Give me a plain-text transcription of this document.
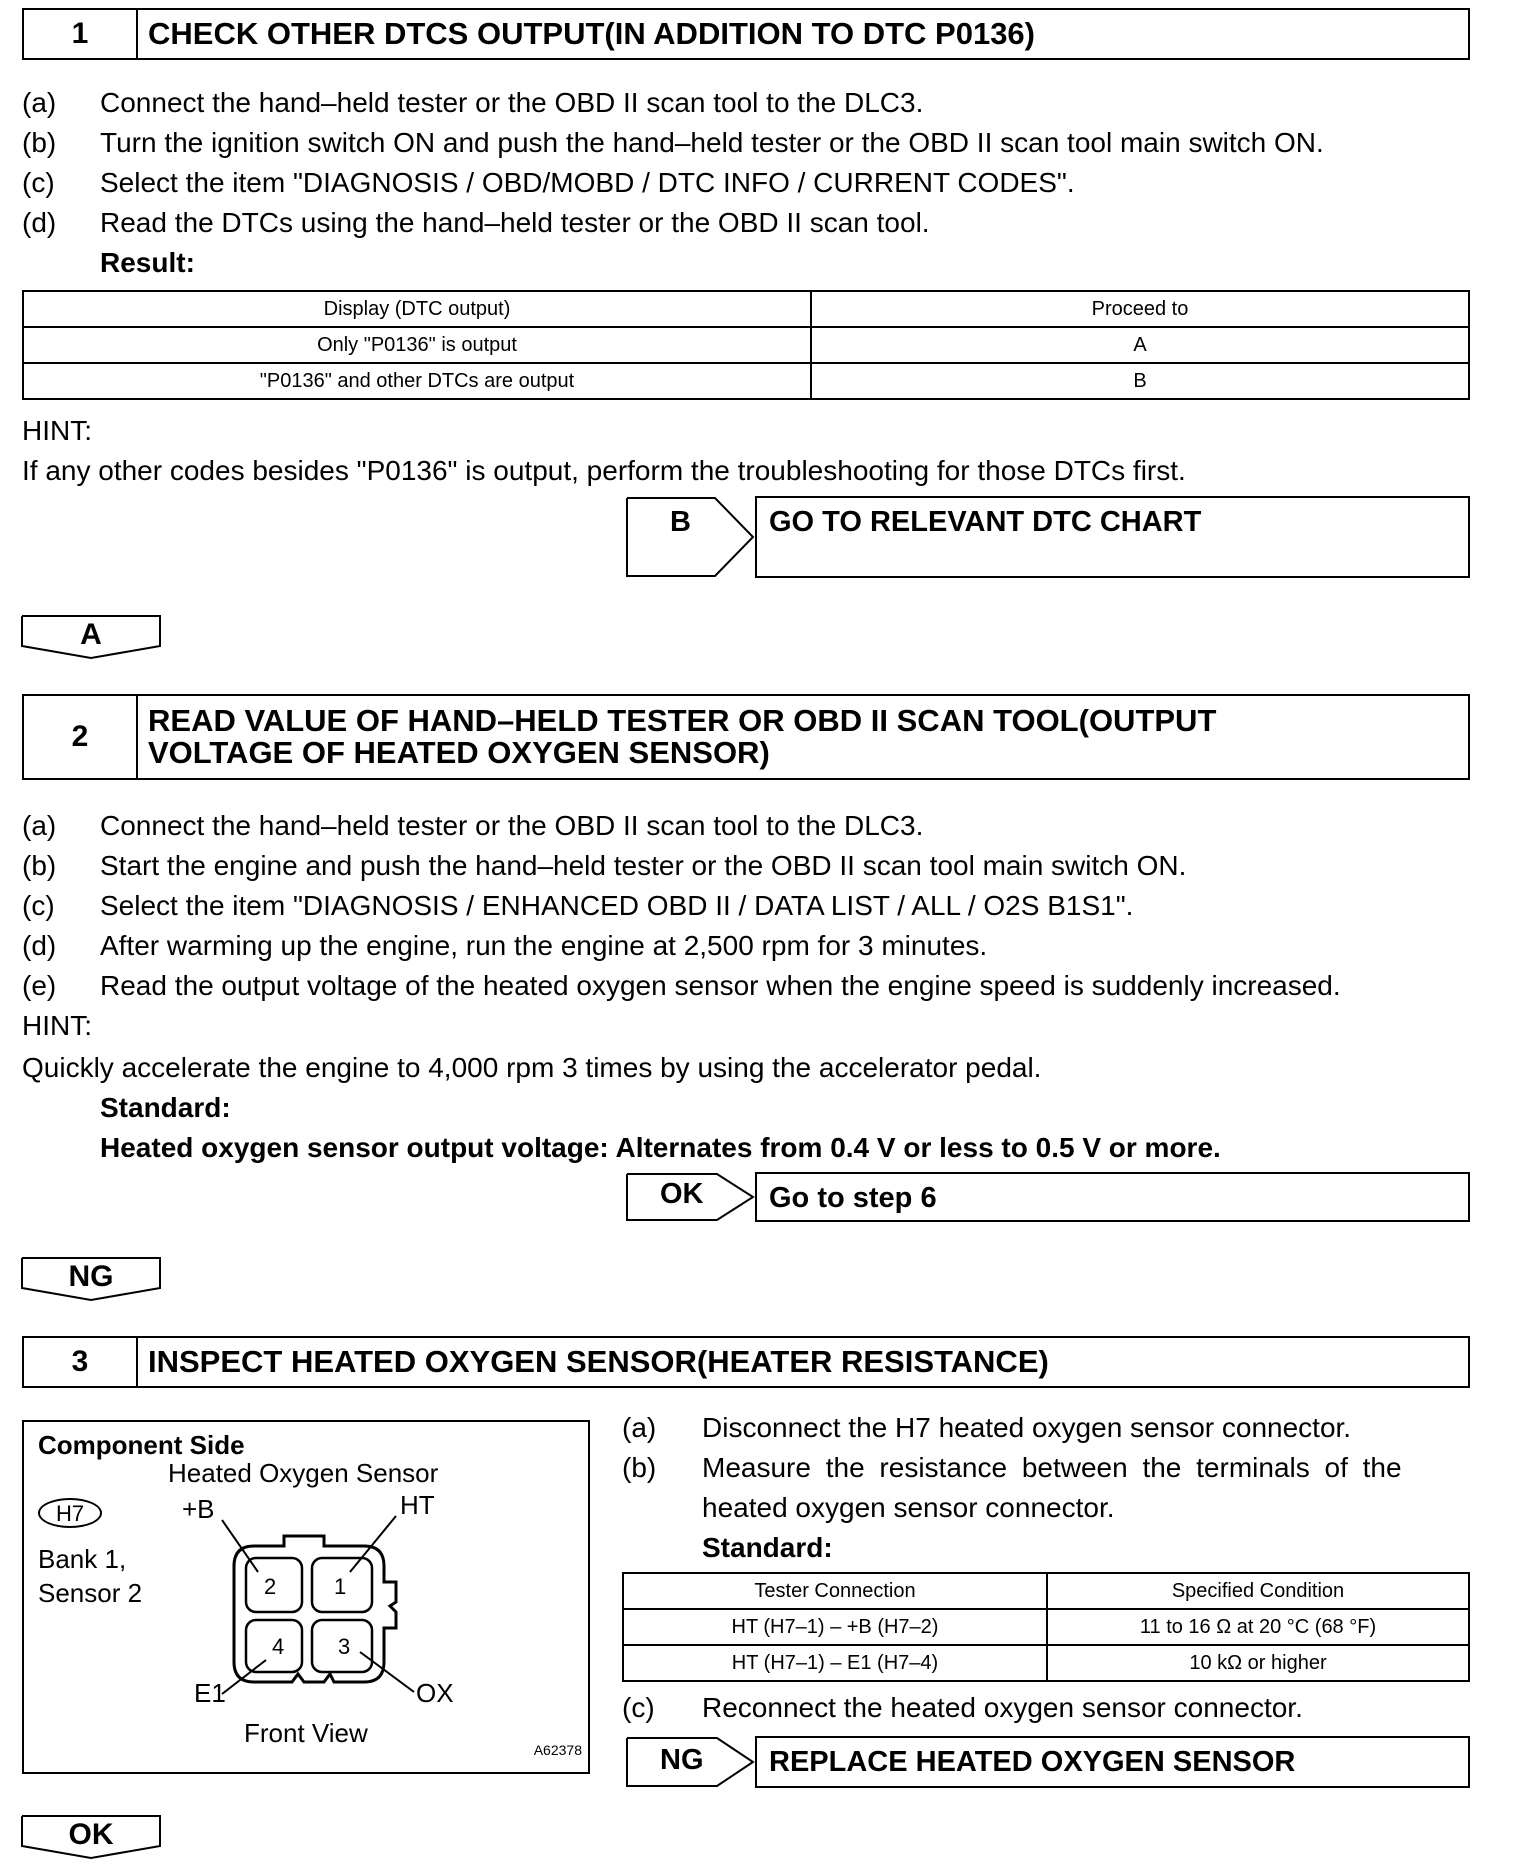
1	CHECK OTHER DTCS OUTPUT(IN ADDITION TO DTC P0136)
(a) Connect the hand–held tester or the OBD II scan tool to the DLC3.
(b) Turn the ignition switch ON and push the hand–held tester or the OBD II scan tool main switch ON.
(c) Select the item "DIAGNOSIS / OBD/MOBD / DTC INFO / CURRENT CODES".
(d) Read the DTCs using the hand–held tester or the OBD II scan tool.
Result:
Display (DTC output)	Proceed to
Only "P0136" is output	A
"P0136" and other DTCs are output	B
HINT:
If any other codes besides "P0136" is output, perform the troubleshooting for those DTCs first.
B	GO TO RELEVANT DTC CHART
A
2	READ VALUE OF HAND–HELD TESTER OR OBD II SCAN TOOL(OUTPUT
VOLTAGE OF HEATED OXYGEN SENSOR)
(a) Connect the hand–held tester or the OBD II scan tool to the DLC3.
(b) Start the engine and push the hand–held tester or the OBD II scan tool main switch ON.
(c) Select the item "DIAGNOSIS / ENHANCED OBD II / DATA LIST / ALL / O2S B1S1".
(d) After warming up the engine, run the engine at 2,500 rpm for 3 minutes.
(e) Read the output voltage of the heated oxygen sensor when the engine speed is suddenly increased.
HINT:
Quickly accelerate the engine to 4,000 rpm 3 times by using the accelerator pedal.
Standard:
Heated oxygen sensor output voltage: Alternates from 0.4 V or less to 0.5 V or more.
OK	Go to step 6
NG
3	INSPECT HEATED OXYGEN SENSOR(HEATER RESISTANCE)
Component Side
Heated Oxygen Sensor
H7
Bank 1,
Sensor 2
+B	HT
E1	OX
2	1
4 3
Front View
A62378
(a) Disconnect the H7 heated oxygen sensor connector.
(b) Measure the resistance between the terminals of the
heated oxygen sensor connector.
Standard:
Tester Connection	Specified Condition
HT (H7–1) – +B (H7–2)	11 to 16 Ω at 20 °C (68 °F)
HT (H7–1) – E1 (H7–4)	10 kΩ or higher
(c) Reconnect the heated oxygen sensor connector.
NG	REPLACE HEATED OXYGEN SENSOR
OK
